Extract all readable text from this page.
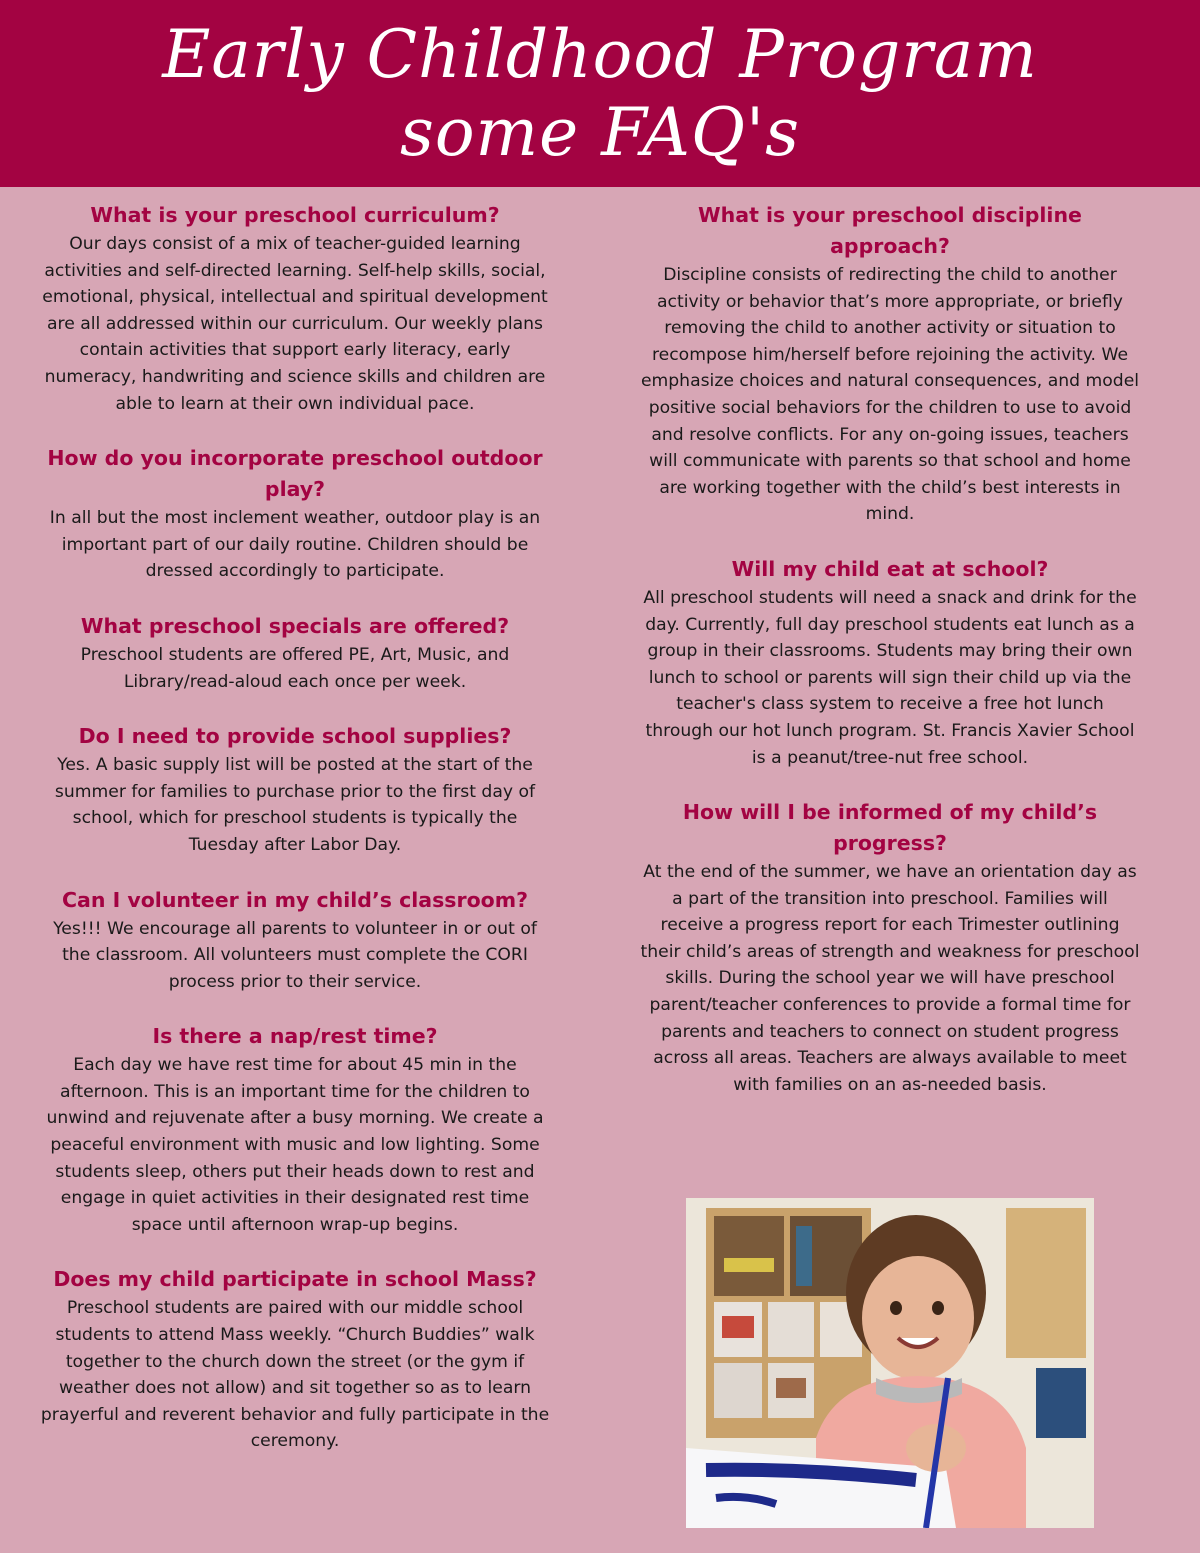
Early Childhood Program
some FAQ's

What is your preschool curriculum?

Our days consist of a mix of teacher-guided learning activities and self-directed learning. Self-help skills, social, emotional, physical, intellectual and spiritual development are all addressed within our curriculum. Our weekly plans contain activities that support early literacy, early numeracy, handwriting and science skills and children are able to learn at their own individual pace.

How do you incorporate preschool outdoor play?

In all but the most inclement weather, outdoor play is an important part of our daily routine. Children should be dressed accordingly to participate.

What preschool specials are offered?

Preschool students are offered PE, Art, Music, and Library/read-aloud each once per week.

Do I need to provide school supplies?

Yes. A basic supply list will be posted at the start of the summer for families to purchase prior to the first day of school, which for preschool students is typically the Tuesday after Labor Day.

Can I volunteer in my child’s classroom?

Yes!!! We encourage all parents to volunteer in or out of the classroom. All volunteers must complete the CORI process prior to their service.

Is there a nap/rest time?

Each day we have rest time for about 45 min in the afternoon. This is an important time for the children to unwind and rejuvenate after a busy morning. We create a peaceful environment with music and low lighting. Some students sleep, others put their heads down to rest and engage in quiet activities in their designated rest time space until afternoon wrap-up begins.

Does my child participate in school Mass?

Preschool students are paired with our middle school students to attend Mass weekly. “Church Buddies” walk together to the church down the street (or the gym if weather does not allow) and sit together so as to learn prayerful and reverent behavior and fully participate in the ceremony.

What is your preschool discipline approach?

Discipline consists of redirecting the child to another activity or behavior that’s more appropriate, or briefly removing the child to another activity or situation to recompose him/herself before rejoining the activity. We emphasize choices and natural consequences, and model positive social behaviors for the children to use to avoid and resolve conflicts. For any on-going issues, teachers will communicate with parents so that school and home are working together with the child’s best interests in mind.

Will my child eat at school?

All preschool students will need a snack and drink for the day. Currently, full day preschool students eat lunch as a group in their classrooms. Students may bring their own lunch to school or parents will sign their child up via the teacher's class system to receive a free hot lunch through our hot lunch program. St. Francis Xavier School is a peanut/tree-nut free school.

How will I be informed of my child’s progress?

At the end of the summer, we have an orientation day as a part of the transition into preschool. Families will receive a progress report for each Trimester outlining their child’s areas of strength and weakness for preschool skills. During the school year we will have preschool parent/teacher conferences to provide a formal time for parents and teachers to connect on student progress across all areas. Teachers are always available to meet with families on an as-needed basis.
